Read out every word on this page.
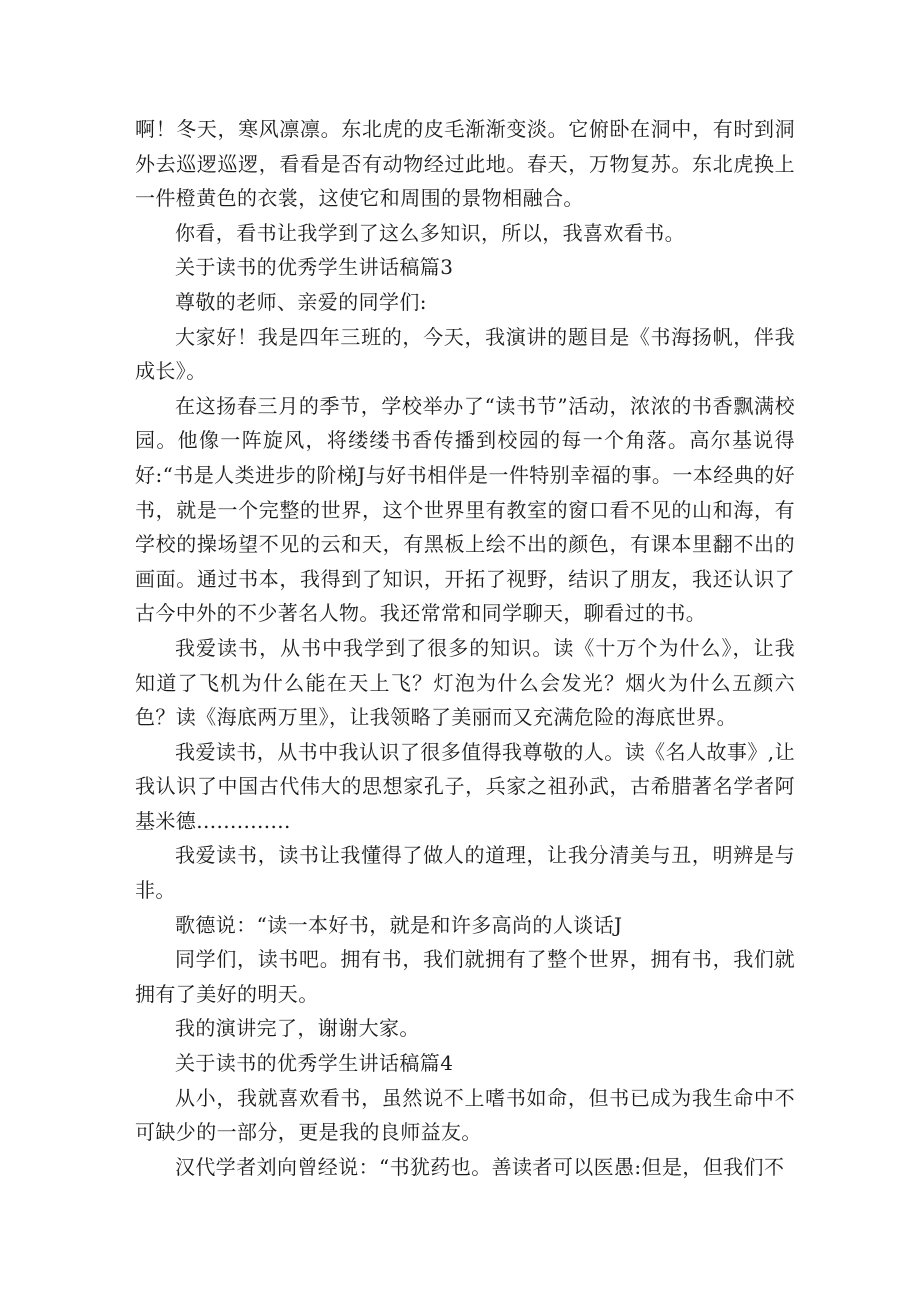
啊！冬天，寒风凛凛。东北虎的皮毛渐渐变淡。它俯卧在洞中，有时到洞外去巡逻巡逻，看看是否有动物经过此地。春天，万物复苏。东北虎换上一件橙黄色的衣裳，这使它和周围的景物相融合。

你看，看书让我学到了这么多知识，所以，我喜欢看书。

关于读书的优秀学生讲话稿篇3

尊敬的老师、亲爱的同学们:

大家好！我是四年三班的，今天，我演讲的题目是《书海扬帆，伴我成长》。

在这扬春三月的季节，学校举办了“读书节”活动，浓浓的书香飘满校园。他像一阵旋风，将缕缕书香传播到校园的每一个角落。高尔基说得好:“书是人类进步的阶梯J与好书相伴是一件特别幸福的事。一本经典的好书，就是一个完整的世界，这个世界里有教室的窗口看不见的山和海，有学校的操场望不见的云和天，有黑板上绘不出的颜色，有课本里翻不出的画面。通过书本，我得到了知识，开拓了视野，结识了朋友，我还认识了古今中外的不少著名人物。我还常常和同学聊天，聊看过的书。

我爱读书，从书中我学到了很多的知识。读《十万个为什么》，让我知道了飞机为什么能在天上飞？灯泡为什么会发光？烟火为什么五颜六色？读《海底两万里》，让我领略了美丽而又充满危险的海底世界。

我爱读书，从书中我认识了很多值得我尊敬的人。读《名人故事》,让我认识了中国古代伟大的思想家孔子，兵家之祖孙武，古希腊著名学者阿基米德..............

我爱读书，读书让我懂得了做人的道理，让我分清美与丑，明辨是与非。

歌德说：“读一本好书，就是和许多高尚的人谈话J

同学们，读书吧。拥有书，我们就拥有了整个世界，拥有书，我们就拥有了美好的明天。

我的演讲完了，谢谢大家。

关于读书的优秀学生讲话稿篇4

从小，我就喜欢看书，虽然说不上嗜书如命，但书已成为我生命中不可缺少的一部分，更是我的良师益友。

汉代学者刘向曾经说：“书犹药也。善读者可以医愚:但是，但我们不
